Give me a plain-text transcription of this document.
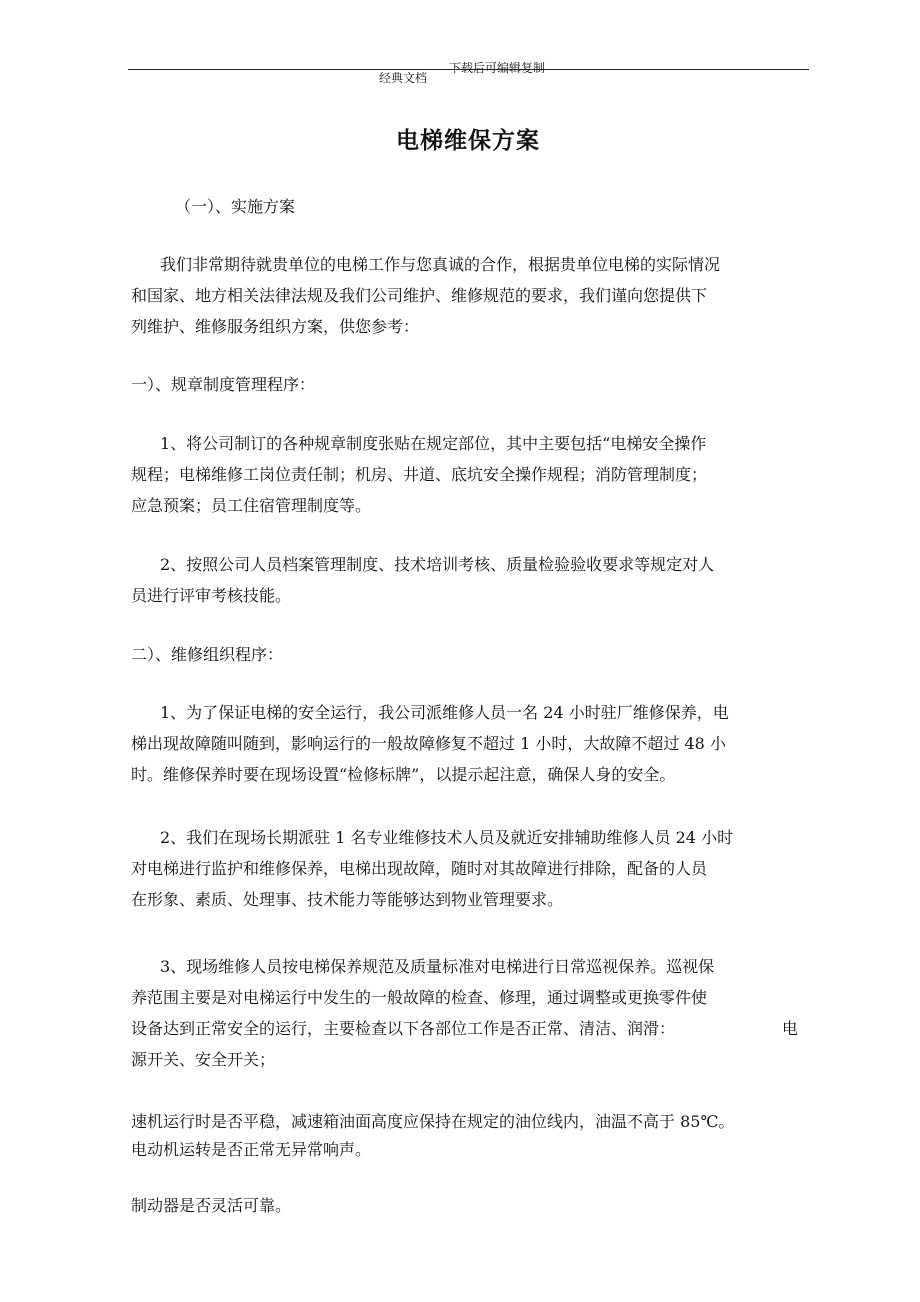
下载后可编辑复制
经典文档
电梯维保方案
（一）、实施方案
我们非常期待就贵单位的电梯工作与您真诚的合作，根据贵单位电梯的实际情况
和国家、地方相关法律法规及我们公司维护、维修规范的要求，我们谨向您提供下
列维护、维修服务组织方案，供您参考：
一）、规章制度管理程序：
1、将公司制订的各种规章制度张贴在规定部位，其中主要包括“电梯安全操作
规程；电梯维修工岗位责任制；机房、井道、底坑安全操作规程；消防管理制度；
应急预案；员工住宿管理制度等。
2、按照公司人员档案管理制度、技术培训考核、质量检验验收要求等规定对人
员进行评审考核技能。
二）、维修组织程序：
1、为了保证电梯的安全运行，我公司派维修人员一名 24 小时驻厂维修保养，电
梯出现故障随叫随到，影响运行的一般故障修复不超过 1 小时，大故障不超过 48 小
时。维修保养时要在现场设置“检修标牌”，以提示起注意，确保人身的安全。
2、我们在现场长期派驻 1 名专业维修技术人员及就近安排辅助维修人员 24 小时
对电梯进行监护和维修保养，电梯出现故障，随时对其故障进行排除，配备的人员
在形象、素质、处理事、技术能力等能够达到物业管理要求。
3、现场维修人员按电梯保养规范及质量标准对电梯进行日常巡视保养。巡视保
养范围主要是对电梯运行中发生的一般故障的检查、修理，通过调整或更换零件使
设备达到正常安全的运行，主要检查以下各部位工作是否正常、清洁、润滑：	电
源开关、安全开关；
速机运行时是否平稳，减速箱油面高度应保持在规定的油位线内，油温不高于 85℃。
电动机运转是否正常无异常响声。
制动器是否灵活可靠。
